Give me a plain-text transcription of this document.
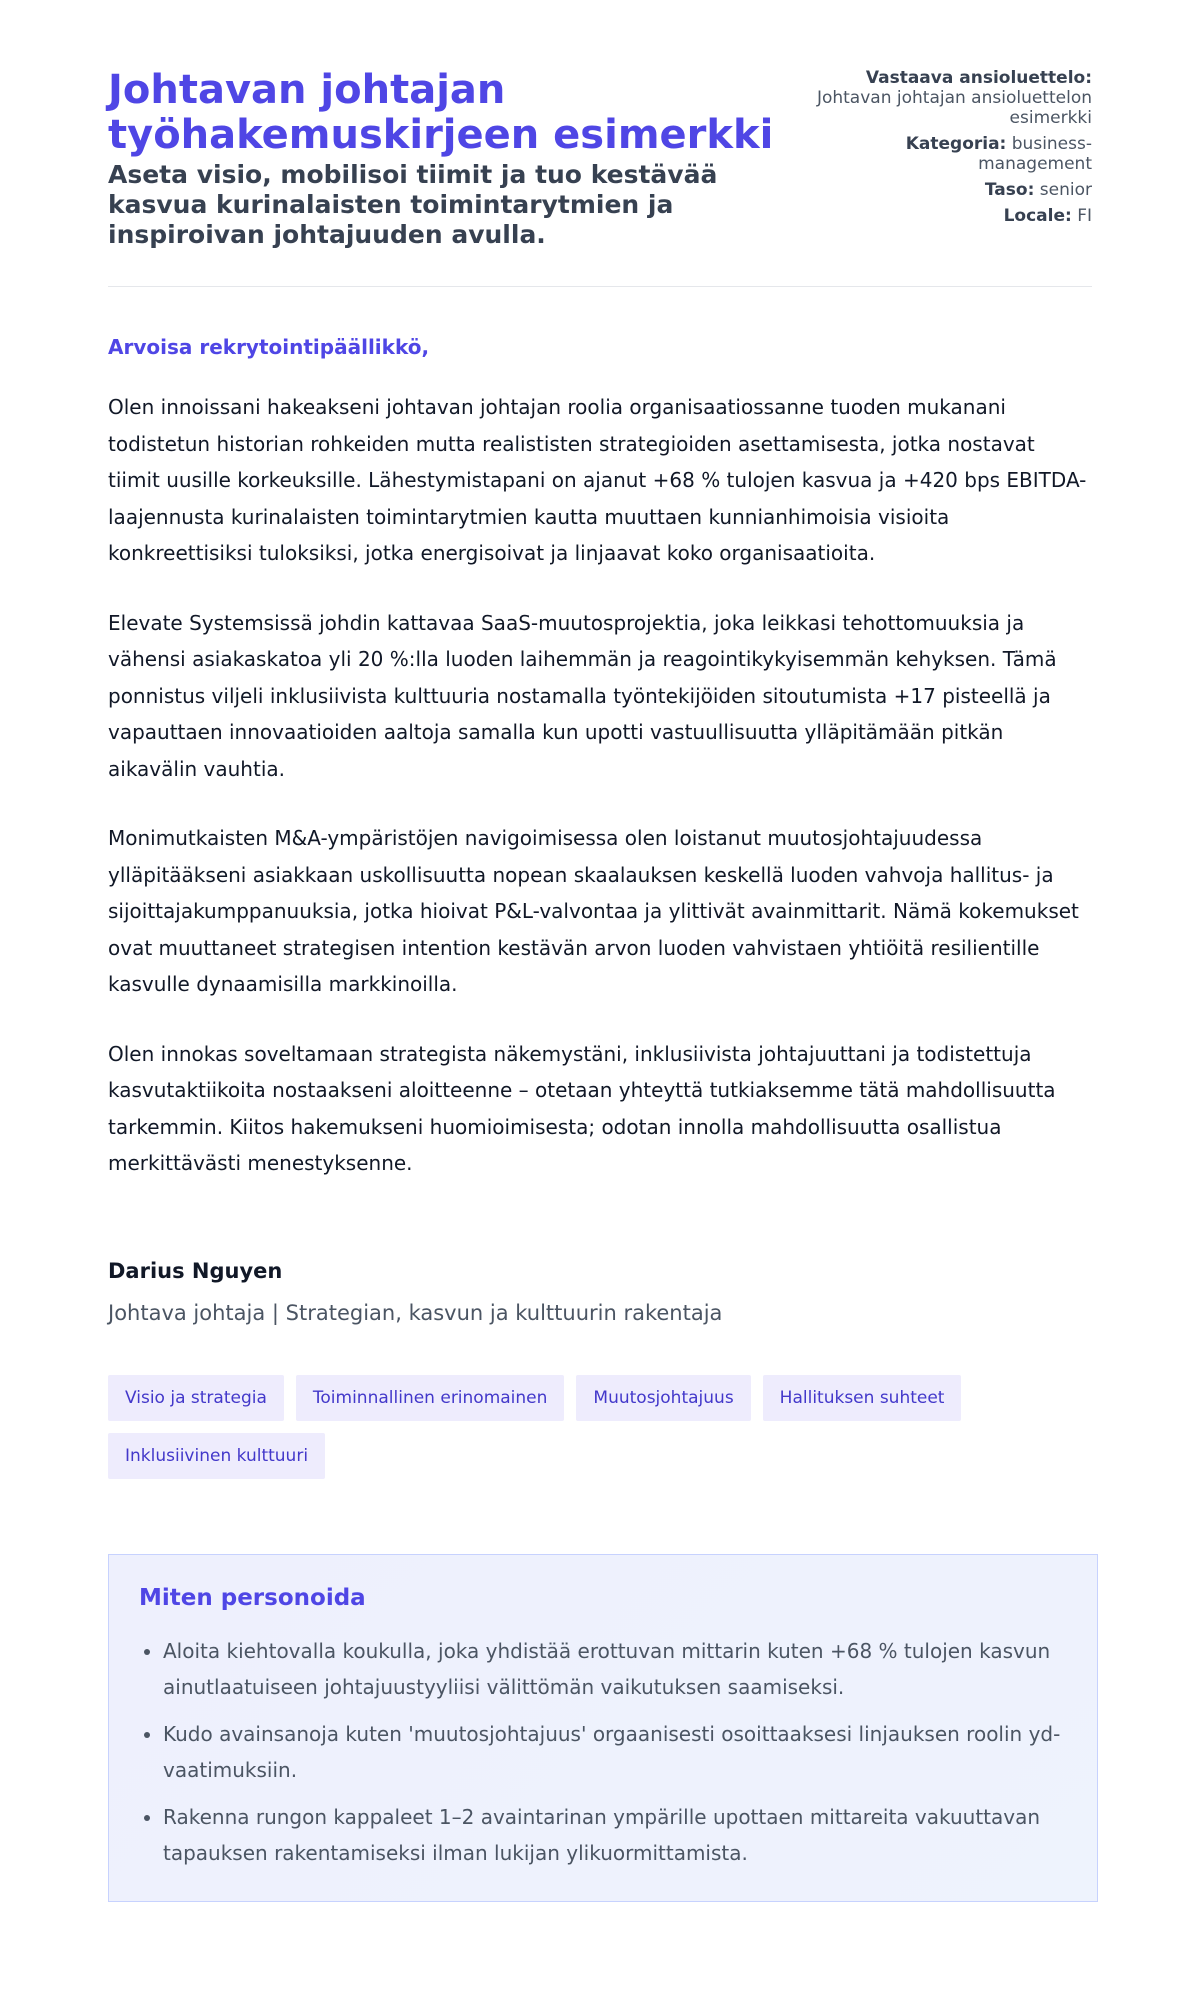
Johtavan johtajan työhakemuskirjeen esimerkki

Aseta visio, mobilisoi tiimit ja tuo kestävää kasvua kurinalaisten toimintarytmien ja inspiroivan johtajuuden avulla.

Vastaava ansioluettelo:
Johtavan johtajan ansioluettelon esimerkki
Kategoria: business-management
Taso: senior
Locale: FI

Arvoisa rekrytointipäällikkö,

Olen innoissani hakeakseni johtavan johtajan roolia organisaatiossanne tuoden mukanani todistetun historian rohkeiden mutta realististen strategioiden asettamisesta, jotka nostavat tiimit uusille korkeuksille. Lähestymistapani on ajanut +68 % tulojen kasvua ja +420 bps EBITDA-laajennusta kurinalaisten toimintarytmien kautta muuttaen kunnianhimoisia visioita konkreettisiksi tuloksiksi, jotka energisoivat ja linjaavat koko organisaatioita.

Elevate Systemsissä johdin kattavaa SaaS-muutosprojektia, joka leikkasi tehottomuuksia ja vähensi asiakaskatoa yli 20 %:lla luoden laihemmän ja reagointikykyisemmän kehyksen. Tämä ponnistus viljeli inklusiivista kulttuuria nostamalla työntekijöiden sitoutumista +17 pisteellä ja vapauttaen innovaatioiden aaltoja samalla kun upotti vastuullisuutta ylläpitämään pitkän aikavälin vauhtia.

Monimutkaisten M&A-ympäristöjen navigoimisessa olen loistanut muutosjohtajuudessa ylläpitääkseni asiakkaan uskollisuutta nopean skaalauksen keskellä luoden vahvoja hallitus- ja sijoittajakumppanuuksia, jotka hioivat P&L-valvontaa ja ylittivät avainmittarit. Nämä kokemukset ovat muuttaneet strategisen intention kestävän arvon luoden vahvistaen yhtiöitä resilientille kasvulle dynaamisilla markkinoilla.

Olen innokas soveltamaan strategista näkemystäni, inklusiivista johtajuuttani ja todistettuja kasvutaktiikoita nostaakseni aloitteenne – otetaan yhteyttä tutkiaksemme tätä mahdollisuutta tarkemmin. Kiitos hakemukseni huomioimisesta; odotan innolla mahdollisuutta osallistua merkittävästi menestyksenne.

Darius Nguyen
Johtava johtaja | Strategian, kasvun ja kulttuurin rakentaja
Visio ja strategia	Toiminnallinen erinomainen	Muutosjohtajuus	Hallituksen suhteet
Inklusiivinen kulttuuri
Miten personoida
• Aloita kiehtovalla koukulla, joka yhdistää erottuvan mittarin kuten +68 % tulojen kasvun ainutlaatuiseen johtajuustyyliisi välittömän vaikutuksen saamiseksi.
• Kudo avainsanoja kuten 'muutosjohtajuus' orgaanisesti osoittaaksesi linjauksen roolin yd-vaatimuksiin.
• Rakenna rungon kappaleet 1–2 avaintarinan ympärille upottaen mittareita vakuuttavan tapauksen rakentamiseksi ilman lukijan ylikuormittamista.
